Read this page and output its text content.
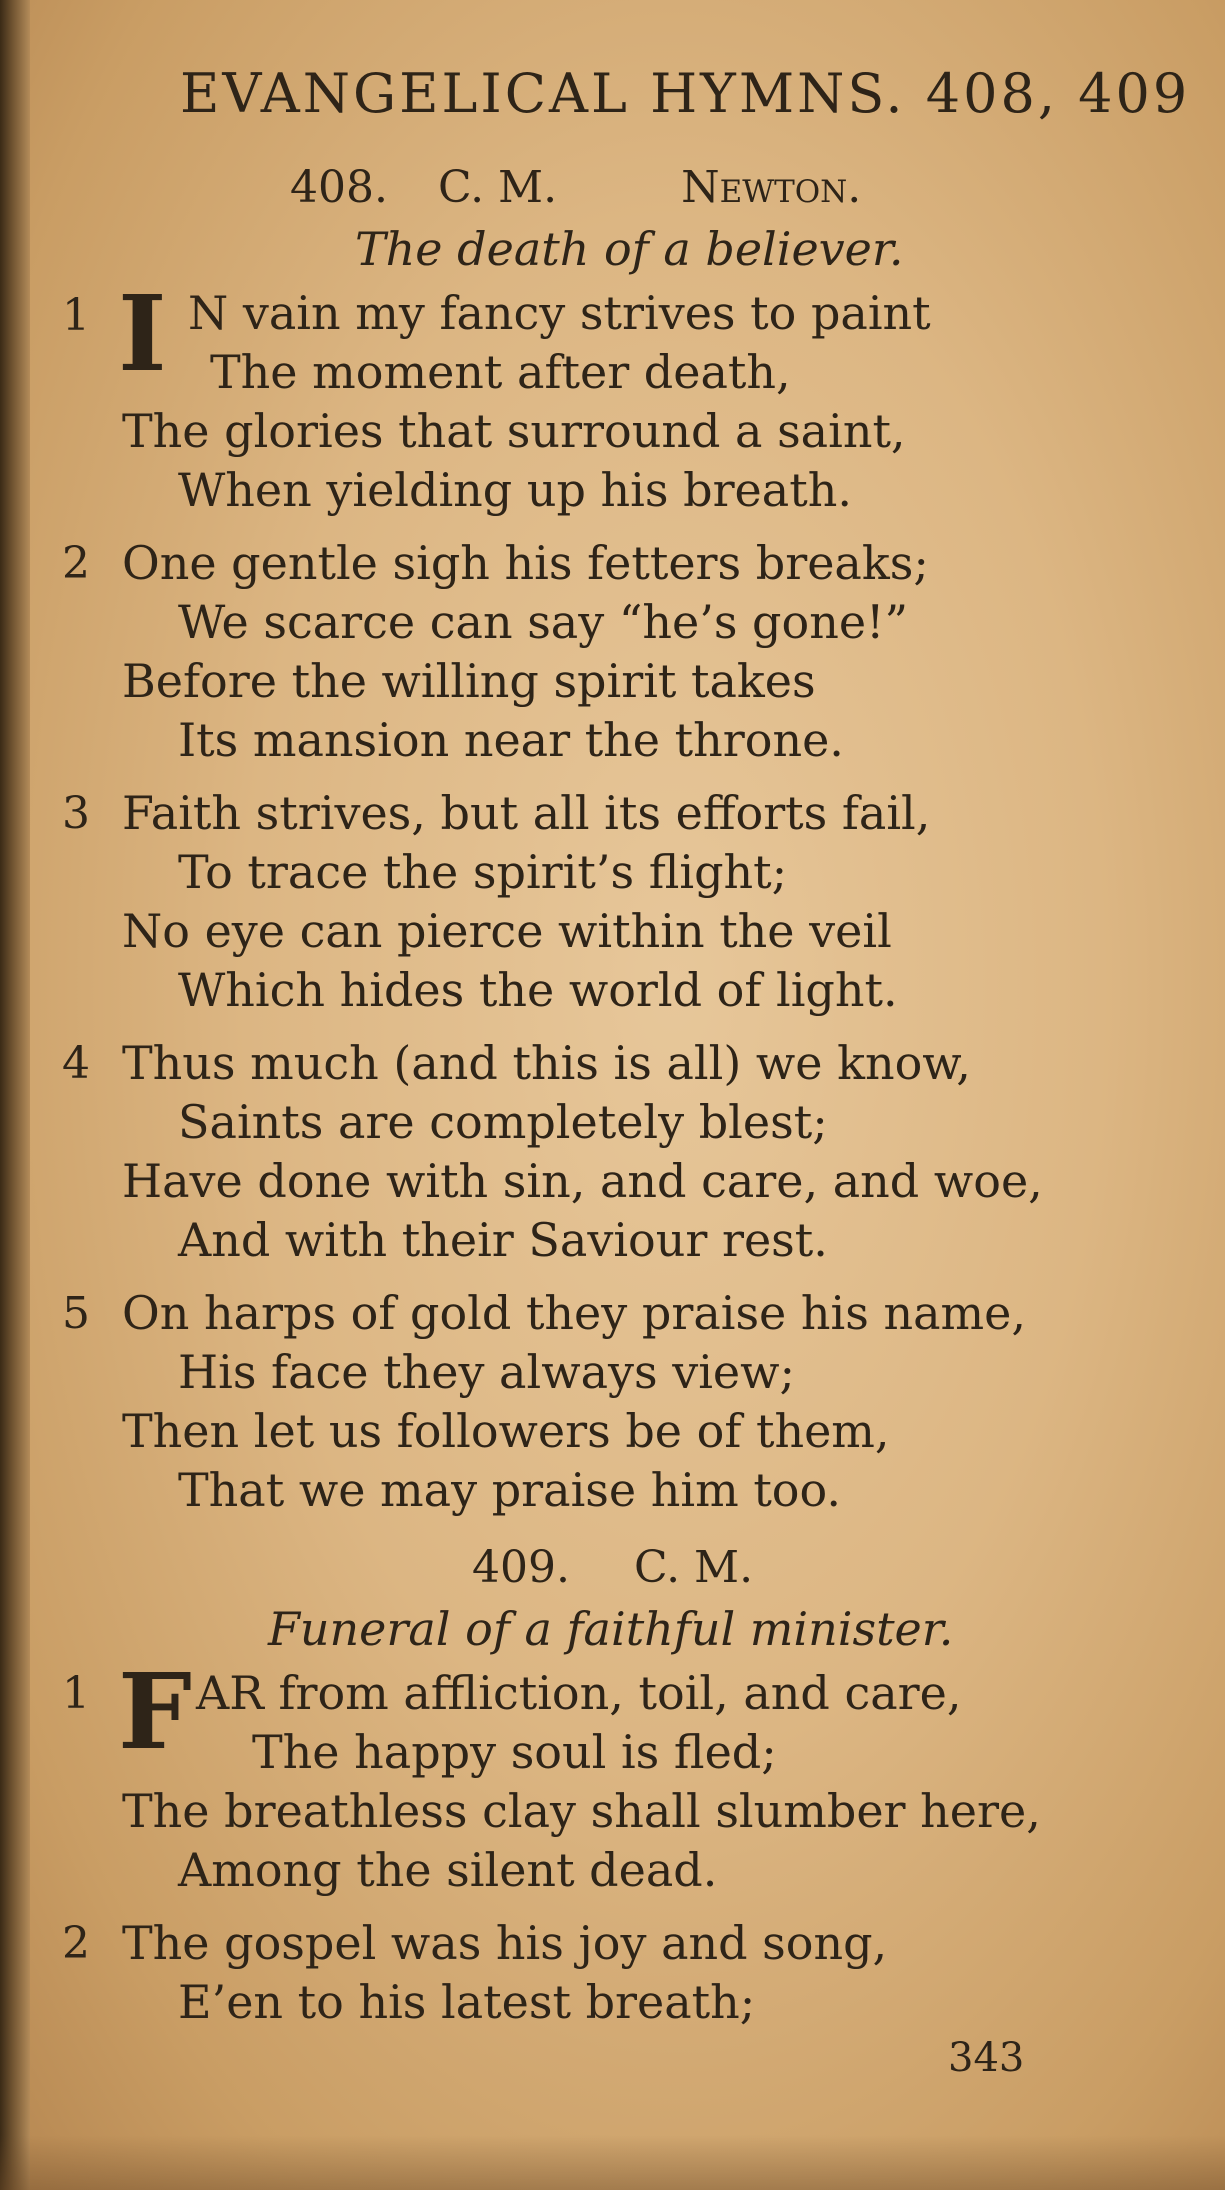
EVANGELICAL HYMNS. 408, 409
408. C. M.	Newton.
The death of a believer.
1 I N vain my fancy strives to paint
The moment after death,
The glories that surround a saint,
When yielding up his breath.
2 One gentle sigh his fetters breaks;
We scarce can say “he’s gone!”
Before the willing spirit takes
Its mansion near the throne.
3 Faith strives, but all its efforts fail,
To trace the spirit’s flight;
No eye can pierce within the veil
Which hides the world of light.
4 Thus much (and this is all) we know,
Saints are completely blest;
Have done with sin, and care, and woe,
And with their Saviour rest.
5 On harps of gold they praise his name,
His face they always view;
Then let us followers be of them,
That we may praise him too.
409. C. M.
Funeral of a faithful minister.
1 F AR from affliction, toil, and care,
The happy soul is fled;
The breathless clay shall slumber here,
Among the silent dead.
2 The gospel was his joy and song,
E’en to his latest breath;
343
